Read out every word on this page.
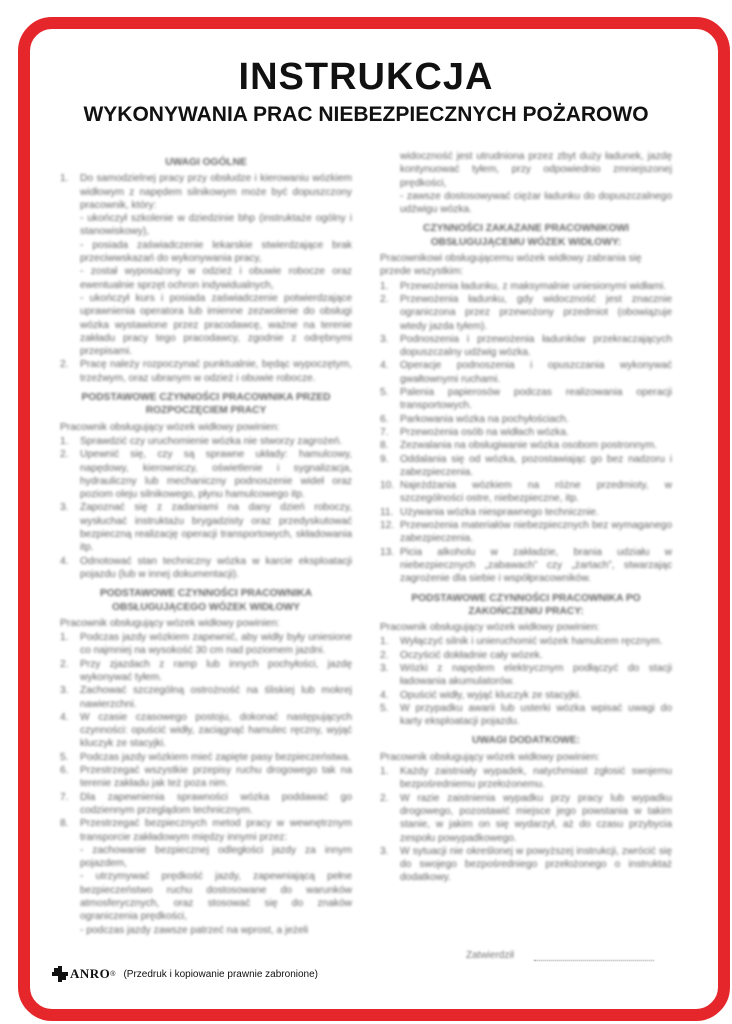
INSTRUKCJA
WYKONYWANIA PRAC NIEBEZPIECZNYCH POŻAROWO
UWAGI OGÓLNE
1.	Do samodzielnej pracy przy obsłudze i kierowaniu wózkiem widłowym z napędem silnikowym może być dopuszczony pracownik, który:
- ukończył szkolenie w dziedzinie bhp (instruktaże ogólny i stanowiskowy),
- posiada zaświadczenie lekarskie stwierdzające brak przeciwwskazań do wykonywania pracy,
- został wyposażony w odzież i obuwie robocze oraz ewentualnie sprzęt ochron indywidualnych,
- ukończył kurs i posiada zaświadczenie potwierdzające uprawnienia operatora lub imienne zezwolenie do obsługi wózka wystawione przez pracodawcę, ważne na terenie zakładu pracy tego pracodawcy, zgodnie z odrębnymi przepisami.
2.	Pracę należy rozpoczynać punktualnie, będąc wypoczętym, trzeźwym, oraz ubranym w odzież i obuwie robocze.
PODSTAWOWE CZYNNOŚCI PRACOWNIKA PRZED ROZPOCZĘCIEM PRACY
Pracownik obsługujący wózek widłowy powinien:
1.	Sprawdzić czy uruchomienie wózka nie stworzy zagrożeń.
2.	Upewnić się, czy są sprawne układy: hamulcowy, napędowy, kierowniczy, oświetlenie i sygnalizacja, hydrauliczny lub mechaniczny podnoszenie wideł oraz poziom oleju silnikowego, płynu hamulcowego itp.
3.	Zapoznać się z zadaniami na dany dzień roboczy, wysłuchać instruktażu brygadzisty oraz przedyskutować bezpieczną realizację operacji transportowych, składowania itp.
4.	Odnotować stan techniczny wózka w karcie eksploatacji pojazdu (lub w innej dokumentacji).
PODSTAWOWE CZYNNOŚCI PRACOWNIKA OBSŁUGUJĄCEGO WÓZEK WIDŁOWY
Pracownik obsługujący wózek widłowy powinien:
1.	Podczas jazdy wózkiem zapewnić, aby widły były uniesione co najmniej na wysokość 30 cm nad poziomem jazdni.
2.	Przy zjazdach z ramp lub innych pochyłości, jazdę wykonywać tyłem.
3.	Zachować szczególną ostrożność na śliskiej lub mokrej nawierzchni.
4.	W czasie czasowego postoju, dokonać następujących czynności: opuścić widły, zaciągnąć hamulec ręczny, wyjąć kluczyk ze stacyjki.
5.	Podczas jazdy wózkiem mieć zapięte pasy bezpieczeństwa.
6.	Przestrzegać wszystkie przepisy ruchu drogowego tak na terenie zakładu jak też poza nim.
7.	Dla zapewnienia sprawności wózka poddawać go codziennym przeglądom technicznym.
8.	Przestrzegać bezpiecznych metod pracy w wewnętrznym transporcie zakładowym między innymi przez:
- zachowanie bezpiecznej odległości jazdy za innym pojazdem,
- utrzymywać prędkość jazdy, zapewniającą pełne bezpieczeństwo ruchu dostosowane do warunków atmosferycznych, oraz stosować się do znaków ograniczenia prędkości,
- podczas jazdy zawsze patrzeć na wprost, a jeżeli
widoczność jest utrudniona przez zbyt duży ładunek, jazdę kontynuować tyłem, przy odpowiednio zmniejszonej prędkości,
- zawsze dostosowywać ciężar ładunku do dopuszczalnego udźwigu wózka.
CZYNNOŚCI ZAKAZANE PRACOWNIKOWI OBSŁUGUJĄCEMU WÓZEK WIDŁOWY:
Pracownikowi obsługującemu wózek widłowy zabrania się przede wszystkim:
1.	Przewożenia ładunku, z maksymalnie uniesionymi widłami.
2.	Przewożenia ładunku, gdy widoczność jest znacznie ograniczona przez przewożony przedmiot (obowiązuje wtedy jazda tyłem).
3.	Podnoszenia i przewożenia ładunków przekraczających dopuszczalny udźwig wózka.
4.	Operacje podnoszenia i opuszczania wykonywać gwałtownymi ruchami.
5.	Palenia papierosów podczas realizowania operacji transportowych.
6.	Parkowania wózka na pochyłościach.
7.	Przewożenia osób na widłach wózka.
8.	Zezwalania na obsługiwanie wózka osobom postronnym.
9.	Oddalania się od wózka, pozostawiając go bez nadzoru i zabezpieczenia.
10. Najeżdżania wózkiem na różne przedmioty, w szczególności ostre, niebezpieczne, itp.
11. Używania wózka niesprawnego technicznie.
12. Przewożenia materiałów niebezpiecznych bez wymaganego zabezpieczenia.
13. Picia alkoholu w zakładzie, brania udziału w niebezpiecznych „zabawach” czy „żartach”, stwarzając zagrożenie dla siebie i współpracowników.
PODSTAWOWE CZYNNOŚCI PRACOWNIKA PO ZAKOŃCZENIU PRACY:
Pracownik obsługujący wózek widłowy powinien:
1.	Wyłączyć silnik i unieruchomić wózek hamulcem ręcznym.
2.	Oczyścić dokładnie cały wózek.
3.	Wózki z napędem elektrycznym podłączyć do stacji ładowania akumulatorów.
4.	Opuścić widły, wyjąć kluczyk ze stacyjki.
5.	W przypadku awarii lub usterki wózka wpisać uwagi do karty eksploatacji pojazdu.
UWAGI DODATKOWE:
Pracownik obsługujący wózek widłowy powinien:
1.	Każdy zaistniały wypadek, natychmiast zgłosić swojemu bezpośredniemu przełożonemu.
2.	W razie zaistnienia wypadku przy pracy lub wypadku drogowego, pozostawić miejsce jego powstania w takim stanie, w jakim on się wydarzył, aż do czasu przybycia zespołu powypadkowego.
3.	W sytuacji nie określonej w powyższej instrukcji, zwrócić się do swojego bezpośredniego przełożonego o instruktaż dodatkowy.
Zatwierdził
ANRO ® (Przedruk i kopiowanie prawnie zabronione)
